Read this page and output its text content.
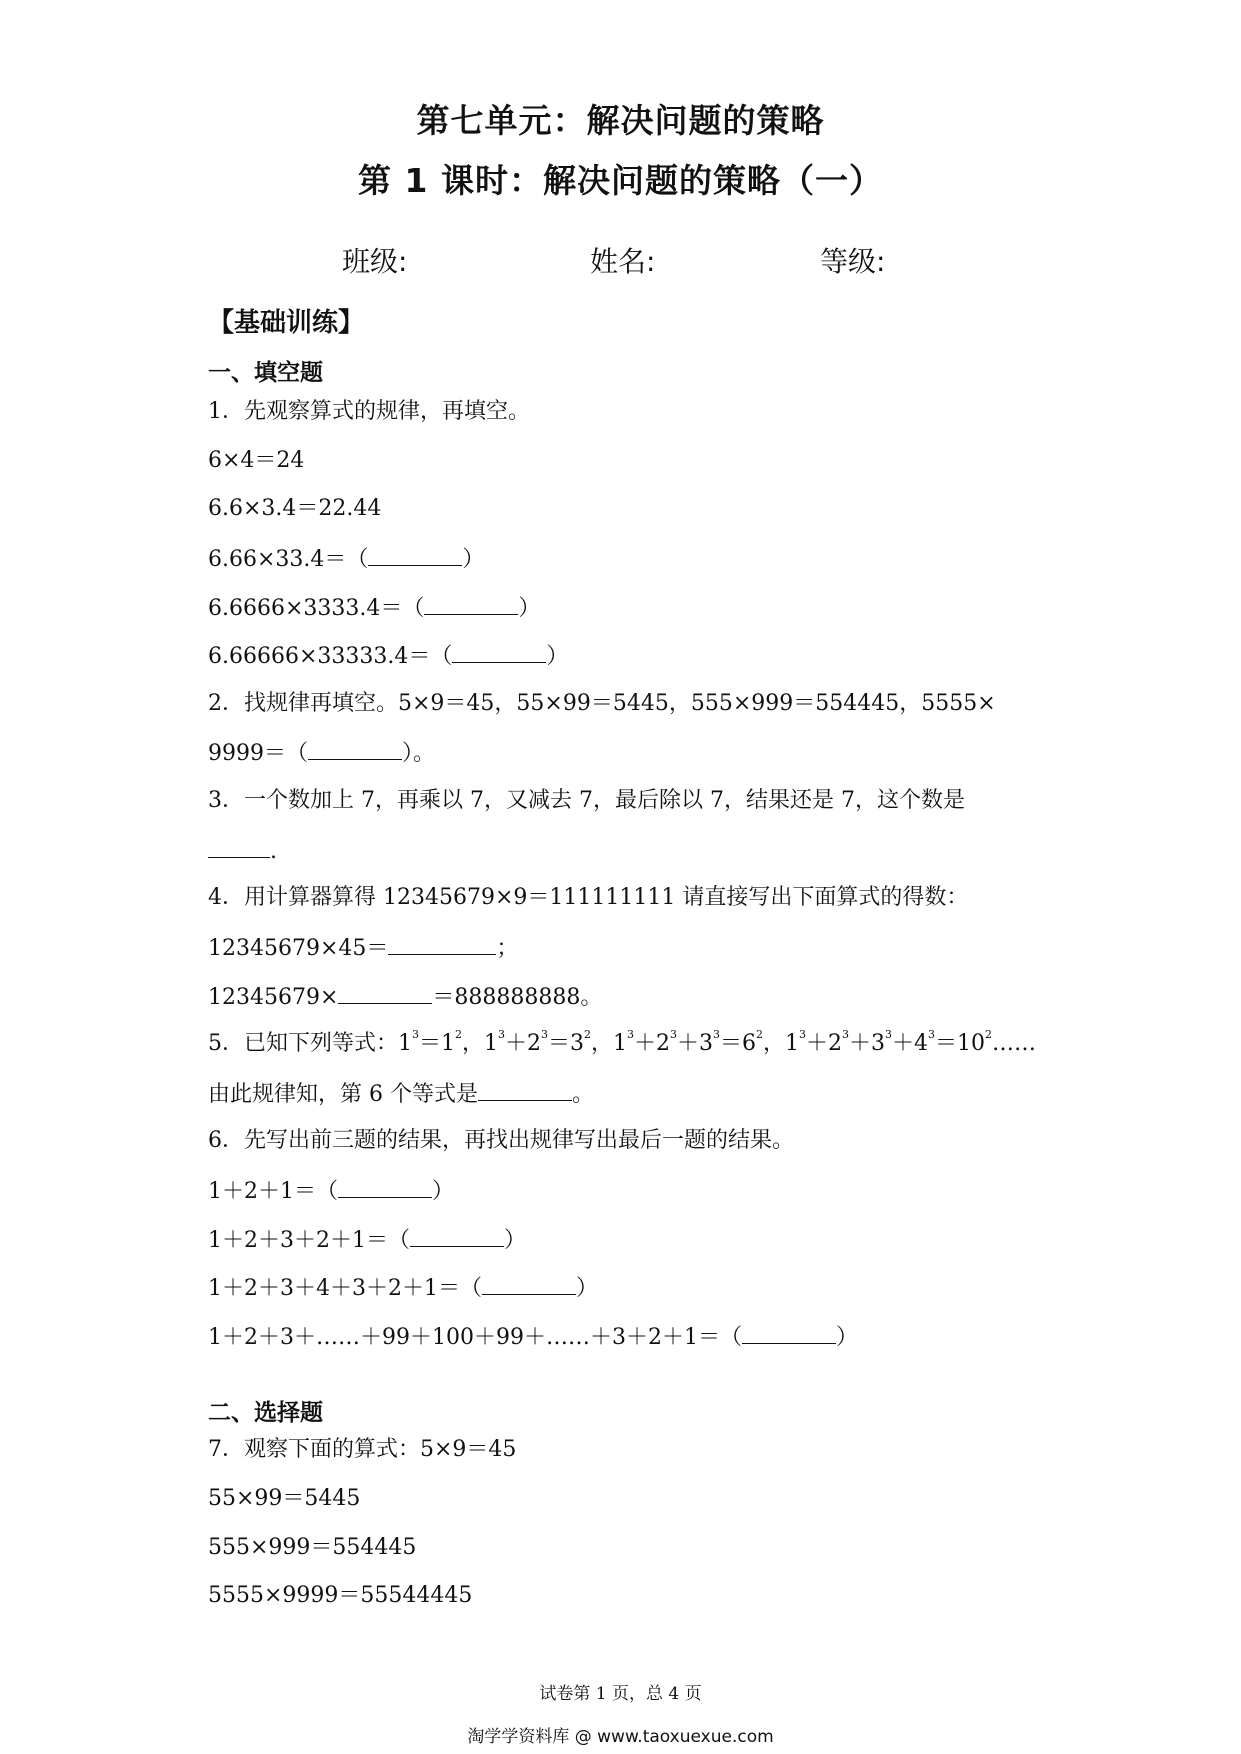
第七单元：解决问题的策略
第 1 课时：解决问题的策略（一）
班级:	姓名:	等级:
【基础训练】
一、填空题
1．先观察算式的规律，再填空。
6×4＝24
6.6×3.4＝22.44
6.66×33.4＝（	）
6.6666×3333.4＝（	）
6.66666×33333.4＝（	）
2．找规律再填空。5×9＝45，55×99＝5445，555×999＝554445，5555×
9999＝（	）。
3．一个数加上 7，再乘以 7，又减去 7，最后除以 7，结果还是 7，这个数是
.
4．用计算器算得 12345679×9＝111111111 请直接写出下面算式的得数：
12345679×45＝	；
12345679×	＝888888888。
5．已知下列等式：$1^3=1^2$，$1^3+2^3=3^2$，$1^3+2^3+3^3=6^2$，$1^3+2^3+3^3+4^3=10^2\dots\dots$
由此规律知，第 6 个等式是	。
6．先写出前三题的结果，再找出规律写出最后一题的结果。
1＋2＋1＝（	）
1＋2＋3＋2＋1＝（	）
1＋2＋3＋4＋3＋2＋1＝（	）
1＋2＋3＋……＋99＋100＋99＋……＋3＋2＋1＝（	）
二、选择题
7．观察下面的算式：5×9＝45
55×99＝5445
555×999＝554445
5555×9999＝55544445
试卷第 1 页，总 4 页
淘学学资料库 @ www.taoxuexue.com
